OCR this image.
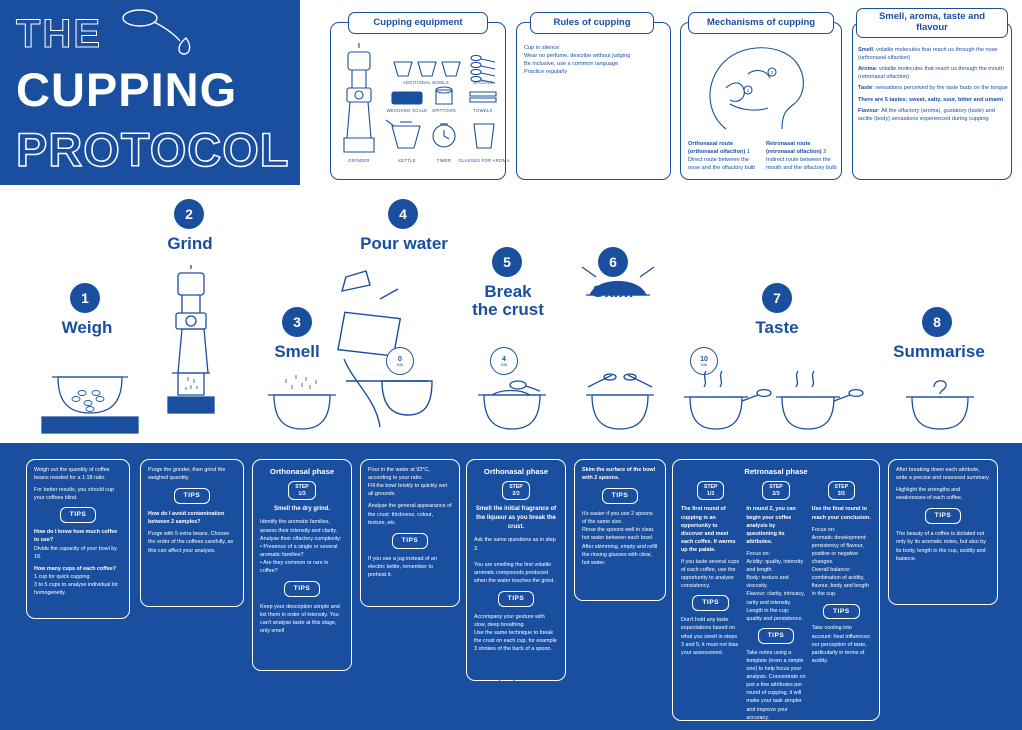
THE
CUPPING
PROTOCOL
Cupping equipment
GRINDER	KETTLE	TIMER GLASSES FOR AROMA
ADDITIONAL BOWLS	SPOONS
WEIGHING SCALE SPITTOON	TOWELS
Rules of cupping
Cup in silence
Wear no perfume, describe without judging
Be inclusive, use a common language
Practice regularly
Mechanisms of cupping
1
2
Orthonasal route (orthonasal olfaction) 1
Direct route between the nose and the olfactory bulb
Retronasal route (retronasal olfaction) 2
Indirect route between the mouth and the olfactory bulb
Smell, aroma, taste and flavour
Smell: volatile molecules that reach us through the nose (orthonasal olfaction)
Aroma: volatile molecules that reach us through the mouth (retronasal olfaction)
Taste: sensations perceived by the taste buds on the tongue
There are 5 tastes: sweet, salty, sour, bitter and umami
Flavour: All the olfactory (aroma), gustatory (taste) and tactile (body) sensations experienced during cupping
1
Weigh
2
Grind
3
Smell
4
Pour water
0
MIN
5
Break
the crust
4
MIN
6
7
Taste
10
MIN
8
Summarise
Weigh out the quantity of coffee beans needed for a 1:18 ratio.
For better results, you should cup your coffees blind.
TIPS
How do I know how much coffee to use?
Divide the capacity of your bowl by 18.
How many cups of each coffee?
1 cup for quick cupping
3 to 5 cups to analyse individual lot homogeneity.
Purge the grinder, then grind the weighed quantity.
TIPS
How do I avoid contamination between 2 samples?
Purge with 5 extra beans. Choose the order of the coffees carefully, as this can affect your analysis.
Orthonasal phase
STEP
1/3
Smell the dry grind.
Identify the aromatic families, assess their intensity and clarity.
Analyse their olfactory complexity:
• Presence of a single or several aromatic families?
• Are they common or rare in coffee?
TIPS
Keep your description simple and list them in order of intensity. You can't analyse taste at this stage, only smell
Pour in the water at 93°C, according to your ratio.
Fill the bowl briskly to quickly wet all grounds.
Analyse the general appearance of the crust: thickness, colour, texture, etc.
TIPS
If you use a jug instead of an electric kettle, remember to preheat it.
Orthonasal phase
STEP
2/3
Smell the initial fragrance of the liqueur as you break the crust.
Ask the same questions as in step 3.

You are smelling the first volatile aromatic compounds produced when the water touches the grind.
TIPS
Accompany your gesture with slow, deep breathing.
Use the same technique to break the crust on each cup, for example 3 strokes of the back of a spoon.
Skim the surface of the bowl with 2 spoons.
TIPS
It's easier if you use 2 spoons of the same size.
Rinse the spoons well in clear, hot water between each bowl.
After skimming, empty and refill the rinsing glasses with clear, hot water.
Retronasal phase
STEP
1/3
The first round of cupping is an opportunity to discover and meet each coffee. It warms up the palate.
If you taste several cups of each coffee, use the opportunity to analyse consistency.
TIPS
Don't hold any taste expectations based on what you smelt in steps 3 and 5, it must not bias your assessment.
STEP
2/3
In round 2, you can begin your coffee analysis by questioning its attributes.
Focus on:
Acidity: quality, intensity and length.
Body: texture and viscosity.
Flavour: clarity, intricacy, rarity and intensity.
Length in the cup: quality and persistence.
TIPS
Take notes using a template (even a simple one) to help focus your analysis. Concentrate on just a few attributes per round of cupping, it will make your task simpler and improve your accuracy.
STEP
3/3
Use the final round to reach your conclusion.
Focus on:
Aromatic development: persistency of flavour, positive or negative changes.
Overall balance: combination of acidity, flavour, body and length in the cup.
TIPS
Take cooling into account: heat influences our perception of taste, particularly in terms of acidity.
After breaking down each attribute, write a precise and reasoned summary.
Highlight the strengths and weaknesses of each coffee.
TIPS
The beauty of a coffee is dictated not only by its aromatic notes, but also by its body, length in the cup, acidity and balance.
BELCO
